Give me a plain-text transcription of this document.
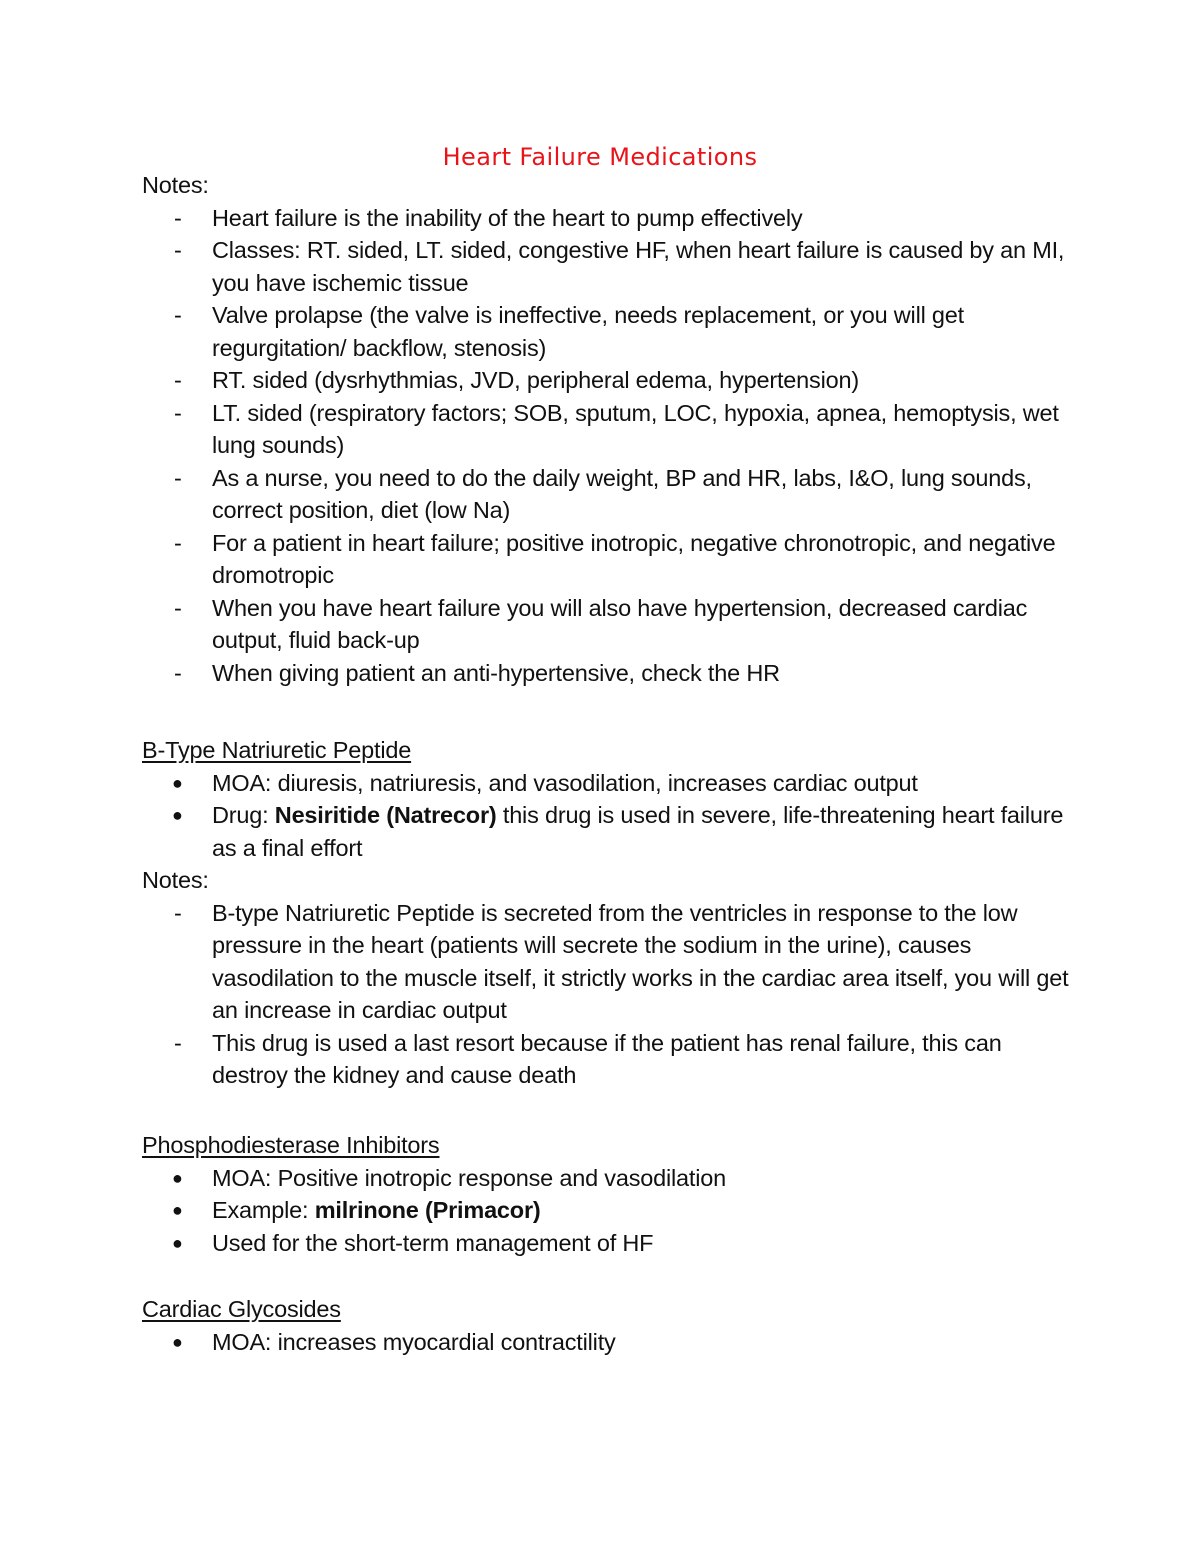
Heart Failure Medications

Notes:

- Heart failure is the inability of the heart to pump effectively
- Classes: RT. sided, LT. sided, congestive HF, when heart failure is caused by an MI, you have ischemic tissue
- Valve prolapse (the valve is ineffective, needs replacement, or you will get regurgitation/ backflow, stenosis)
- RT. sided (dysrhythmias, JVD, peripheral edema, hypertension)
- LT. sided (respiratory factors; SOB, sputum, LOC, hypoxia, apnea, hemoptysis, wet lung sounds)
- As a nurse, you need to do the daily weight, BP and HR, labs, I&O, lung sounds, correct position, diet (low Na)
- For a patient in heart failure; positive inotropic, negative chronotropic, and negative dromotropic
- When you have heart failure you will also have hypertension, decreased cardiac output, fluid back-up
- When giving patient an anti-hypertensive, check the HR

B-Type Natriuretic Peptide

● MOA: diuresis, natriuresis, and vasodilation, increases cardiac output
● Drug: Nesiritide (Natrecor) this drug is used in severe, life-threatening heart failure as a final effort

Notes:

- B-type Natriuretic Peptide is secreted from the ventricles in response to the low pressure in the heart (patients will secrete the sodium in the urine), causes vasodilation to the muscle itself, it strictly works in the cardiac area itself, you will get an increase in cardiac output
- This drug is used a last resort because if the patient has renal failure, this can destroy the kidney and cause death

Phosphodiesterase Inhibitors

● MOA: Positive inotropic response and vasodilation
● Example: milrinone (Primacor)
● Used for the short-term management of HF

Cardiac Glycosides

● MOA: increases myocardial contractility
